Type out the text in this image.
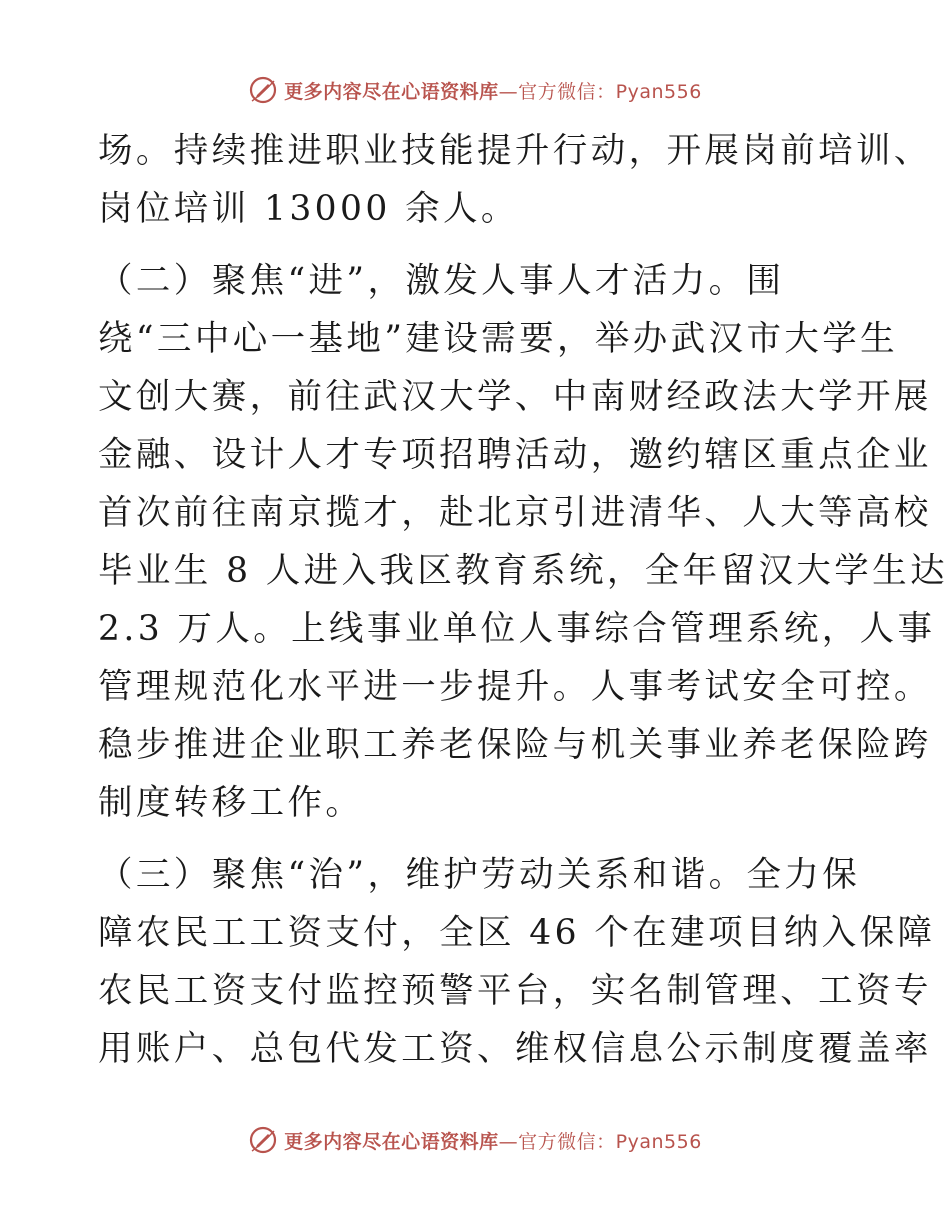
更多内容尽在心语资料库—官方微信：Pyan556
场。持续推进职业技能提升行动，开展岗前培训、
岗位培训 13000 余人。
（二）聚焦“进”，激发人事人才活力。围
绕“三中心一基地”建设需要，举办武汉市大学生
文创大赛，前往武汉大学、中南财经政法大学开展
金融、设计人才专项招聘活动，邀约辖区重点企业
首次前往南京揽才，赴北京引进清华、人大等高校
毕业生 8 人进入我区教育系统，全年留汉大学生达
2.3 万人。上线事业单位人事综合管理系统，人事
管理规范化水平进一步提升。人事考试安全可控。
稳步推进企业职工养老保险与机关事业养老保险跨
制度转移工作。
（三）聚焦“治”，维护劳动关系和谐。全力保
障农民工工资支付，全区 46 个在建项目纳入保障
农民工资支付监控预警平台，实名制管理、工资专
用账户、总包代发工资、维权信息公示制度覆盖率
更多内容尽在心语资料库—官方微信：Pyan556
